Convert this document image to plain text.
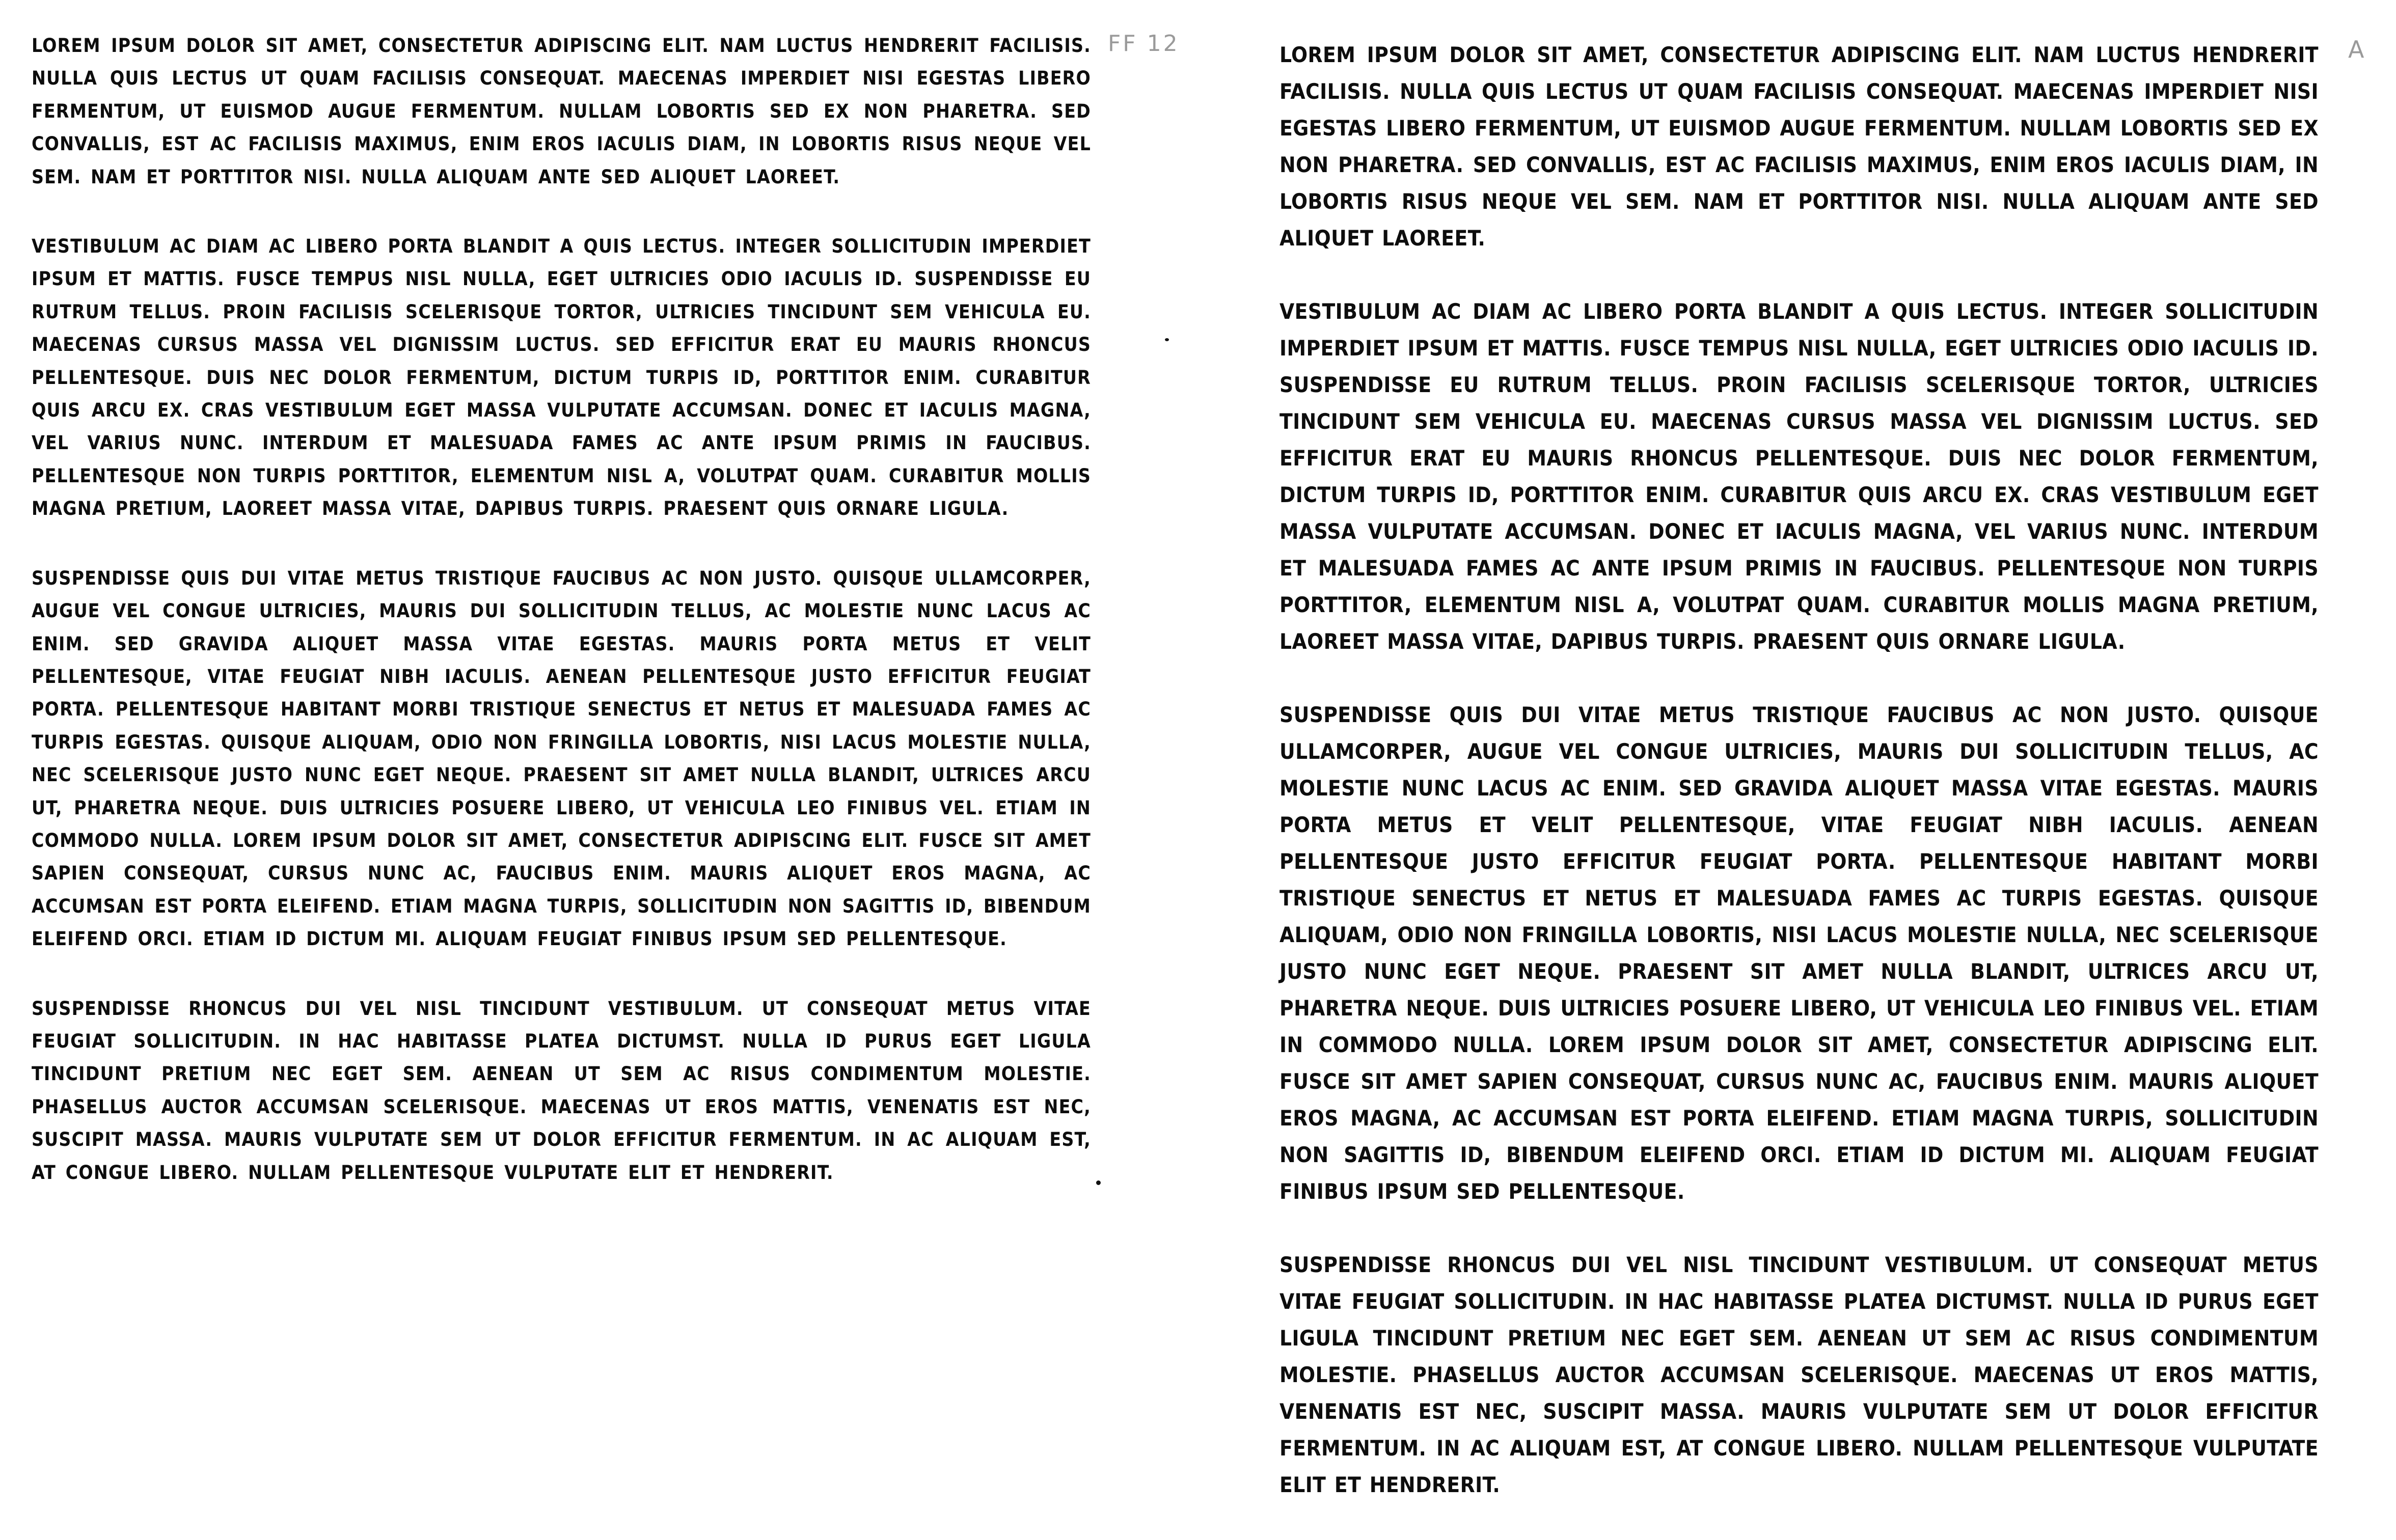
LOREM IPSUM DOLOR SIT AMET, CONSECTETUR ADIPISCING ELIT. NAM LUCTUS HENDRERIT FACILISIS. NULLA QUIS LECTUS UT QUAM FACILISIS CONSEQUAT. MAECENAS IMPERDIET NISI EGESTAS LIBERO FERMENTUM, UT EUISMOD AUGUE FERMENTUM. NULLAM LOBORTIS SED EX NON PHARETRA. SED CONVALLIS, EST AC FACILISIS MAXIMUS, ENIM EROS IACULIS DIAM, IN LOBORTIS RISUS NEQUE VEL SEM. NAM ET PORTTITOR NISI. NULLA ALIQUAM ANTE SED ALIQUET LAOREET.

VESTIBULUM AC DIAM AC LIBERO PORTA BLANDIT A QUIS LECTUS. INTEGER SOLLICITUDIN IMPERDIET IPSUM ET MATTIS. FUSCE TEMPUS NISL NULLA, EGET ULTRICIES ODIO IACULIS ID. SUSPENDISSE EU RUTRUM TELLUS. PROIN FACILISIS SCELERISQUE TORTOR, ULTRICIES TINCIDUNT SEM VEHICULA EU. MAECENAS CURSUS MASSA VEL DIGNISSIM LUCTUS. SED EFFICITUR ERAT EU MAURIS RHONCUS PELLENTESQUE. DUIS NEC DOLOR FERMENTUM, DICTUM TURPIS ID, PORTTITOR ENIM. CURABITUR QUIS ARCU EX. CRAS VESTIBULUM EGET MASSA VULPUTATE ACCUMSAN. DONEC ET IACULIS MAGNA, VEL VARIUS NUNC. INTERDUM ET MALESUADA FAMES AC ANTE IPSUM PRIMIS IN FAUCIBUS. PELLENTESQUE NON TURPIS PORTTITOR, ELEMENTUM NISL A, VOLUTPAT QUAM. CURABITUR MOLLIS MAGNA PRETIUM, LAOREET MASSA VITAE, DAPIBUS TURPIS. PRAESENT QUIS ORNARE LIGULA.

SUSPENDISSE QUIS DUI VITAE METUS TRISTIQUE FAUCIBUS AC NON JUSTO. QUISQUE ULLAMCORPER, AUGUE VEL CONGUE ULTRICIES, MAURIS DUI SOLLICITUDIN TELLUS, AC MOLESTIE NUNC LACUS AC ENIM. SED GRAVIDA ALIQUET MASSA VITAE EGESTAS. MAURIS PORTA METUS ET VELIT PELLENTESQUE, VITAE FEUGIAT NIBH IACULIS. AENEAN PELLENTESQUE JUSTO EFFICITUR FEUGIAT PORTA. PELLENTESQUE HABITANT MORBI TRISTIQUE SENECTUS ET NETUS ET MALESUADA FAMES AC TURPIS EGESTAS. QUISQUE ALIQUAM, ODIO NON FRINGILLA LOBORTIS, NISI LACUS MOLESTIE NULLA, NEC SCELERISQUE JUSTO NUNC EGET NEQUE. PRAESENT SIT AMET NULLA BLANDIT, ULTRICES ARCU UT, PHARETRA NEQUE. DUIS ULTRICIES POSUERE LIBERO, UT VEHICULA LEO FINIBUS VEL. ETIAM IN COMMODO NULLA. LOREM IPSUM DOLOR SIT AMET, CONSECTETUR ADIPISCING ELIT. FUSCE SIT AMET SAPIEN CONSEQUAT, CURSUS NUNC AC, FAUCIBUS ENIM. MAURIS ALIQUET EROS MAGNA, AC ACCUMSAN EST PORTA ELEIFEND. ETIAM MAGNA TURPIS, SOLLICITUDIN NON SAGITTIS ID, BIBENDUM ELEIFEND ORCI. ETIAM ID DICTUM MI. ALIQUAM FEUGIAT FINIBUS IPSUM SED PELLENTESQUE.

SUSPENDISSE RHONCUS DUI VEL NISL TINCIDUNT VESTIBULUM. UT CONSEQUAT METUS VITAE FEUGIAT SOLLICITUDIN. IN HAC HABITASSE PLATEA DICTUMST. NULLA ID PURUS EGET LIGULA TINCIDUNT PRETIUM NEC EGET SEM. AENEAN UT SEM AC RISUS CONDIMENTUM MOLESTIE. PHASELLUS AUCTOR ACCUMSAN SCELERISQUE. MAECENAS UT EROS MATTIS, VENENATIS EST NEC, SUSCIPIT MASSA. MAURIS VULPUTATE SEM UT DOLOR EFFICITUR FERMENTUM. IN AC ALIQUAM EST, AT CONGUE LIBERO. NULLAM PELLENTESQUE VULPUTATE ELIT ET HENDRERIT.

FF 12	LOREM IPSUM DOLOR SIT AMET, CONSECTETUR ADIPISCING ELIT. NAM LUCTUS HENDRERIT FACILISIS. NULLA QUIS LECTUS UT QUAM FACILISIS CONSEQUAT. MAECENAS IMPERDIET NISI EGESTAS LIBERO FERMENTUM, UT EUISMOD AUGUE FERMENTUM. NULLAM LOBORTIS SED EX NON PHARETRA. SED CONVALLIS, EST AC FACILISIS MAXIMUS, ENIM EROS IACULIS DIAM, IN LOBORTIS RISUS NEQUE VEL SEM. NAM ET PORTTITOR NISI. NULLA ALIQUAM ANTE SED ALIQUET LAOREET.

VESTIBULUM AC DIAM AC LIBERO PORTA BLANDIT A QUIS LECTUS. INTEGER SOLLICITUDIN IMPERDIET IPSUM ET MATTIS. FUSCE TEMPUS NISL NULLA, EGET ULTRICIES ODIO IACULIS ID. SUSPENDISSE EU RUTRUM TELLUS. PROIN FACILISIS SCELERISQUE TORTOR, ULTRICIES TINCIDUNT SEM VEHICULA EU. MAECENAS CURSUS MASSA VEL DIGNISSIM LUCTUS. SED EFFICITUR ERAT EU MAURIS RHONCUS PELLENTESQUE. DUIS NEC DOLOR FERMENTUM, DICTUM TURPIS ID, PORTTITOR ENIM. CURABITUR QUIS ARCU EX. CRAS VESTIBULUM EGET MASSA VULPUTATE ACCUMSAN. DONEC ET IACULIS MAGNA, VEL VARIUS NUNC. INTERDUM ET MALESUADA FAMES AC ANTE IPSUM PRIMIS IN FAUCIBUS. PELLENTESQUE NON TURPIS PORTTITOR, ELEMENTUM NISL A, VOLUTPAT QUAM. CURABITUR MOLLIS MAGNA PRETIUM, LAOREET MASSA VITAE, DAPIBUS TURPIS. PRAESENT QUIS ORNARE LIGULA.

SUSPENDISSE QUIS DUI VITAE METUS TRISTIQUE FAUCIBUS AC NON JUSTO. QUISQUE ULLAMCORPER, AUGUE VEL CONGUE ULTRICIES, MAURIS DUI SOLLICITUDIN TELLUS, AC MOLESTIE NUNC LACUS AC ENIM. SED GRAVIDA ALIQUET MASSA VITAE EGESTAS. MAURIS PORTA METUS ET VELIT PELLENTESQUE, VITAE FEUGIAT NIBH IACULIS. AENEAN PELLENTESQUE JUSTO EFFICITUR FEUGIAT PORTA. PELLENTESQUE HABITANT MORBI TRISTIQUE SENECTUS ET NETUS ET MALESUADA FAMES AC TURPIS EGESTAS. QUISQUE ALIQUAM, ODIO NON FRINGILLA LOBORTIS, NISI LACUS MOLESTIE NULLA, NEC SCELERISQUE JUSTO NUNC EGET NEQUE. PRAESENT SIT AMET NULLA BLANDIT, ULTRICES ARCU UT, PHARETRA NEQUE. DUIS ULTRICIES POSUERE LIBERO, UT VEHICULA LEO FINIBUS VEL. ETIAM IN COMMODO NULLA. LOREM IPSUM DOLOR SIT AMET, CONSECTETUR ADIPISCING ELIT. FUSCE SIT AMET SAPIEN CONSEQUAT, CURSUS NUNC AC, FAUCIBUS ENIM. MAURIS ALIQUET EROS MAGNA, AC ACCUMSAN EST PORTA ELEIFEND. ETIAM MAGNA TURPIS, SOLLICITUDIN NON SAGITTIS ID, BIBENDUM ELEIFEND ORCI. ETIAM ID DICTUM MI. ALIQUAM FEUGIAT FINIBUS IPSUM SED PELLENTESQUE.

SUSPENDISSE RHONCUS DUI VEL NISL TINCIDUNT VESTIBULUM. UT CONSEQUAT METUS VITAE FEUGIAT SOLLICITUDIN. IN HAC HABITASSE PLATEA DICTUMST. NULLA ID PURUS EGET LIGULA TINCIDUNT PRETIUM NEC EGET SEM. AENEAN UT SEM AC RISUS CONDIMENTUM MOLESTIE. PHASELLUS AUCTOR ACCUMSAN SCELERISQUE. MAECENAS UT EROS MATTIS, VENENATIS EST NEC, SUSCIPIT MASSA. MAURIS VULPUTATE SEM UT DOLOR EFFICITUR FERMENTUM. IN AC ALIQUAM EST, AT CONGUE LIBERO. NULLAM PELLENTESQUE VULPUTATE ELIT ET HENDRERIT.

A
